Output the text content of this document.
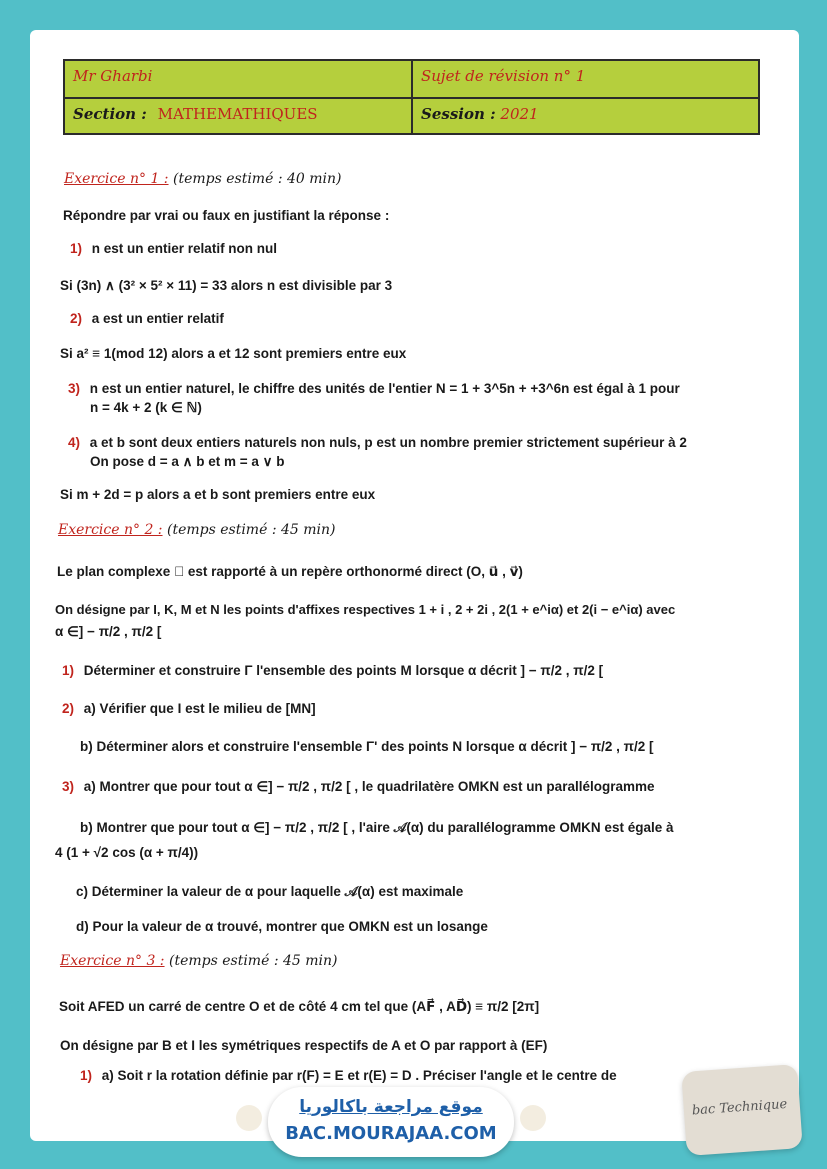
Mr Gharbi	Sujet de révision n° 1
Section : MATHEMATHIQUES	Session : 2021
Exercice n° 1 : (temps estimé : 40 min)
Répondre par vrai ou faux en justifiant la réponse :
1) n est un entier relatif non nul
Si (3n) ∧ (3² × 5² × 11) = 33 alors n est divisible par 3
2) a est un entier relatif
Si a² ≡ 1(mod 12) alors a et 12 sont premiers entre eux
3) n est un entier naturel, le chiffre des unités de l'entier N = 1 + 3^5n + +3^6n est égal à 1 pour
n = 4k + 2 (k ∈ ℕ)
4) a et b sont deux entiers naturels non nuls, p est un nombre premier strictement supérieur à 2
On pose d = a ∧ b et m = a ∨ b
Si m + 2d = p alors a et b sont premiers entre eux
Exercice n° 2 : (temps estimé : 45 min)
Le plan complexe 𝒫 est rapporté à un repère orthonormé direct (O, u⃗ , v⃗)
On désigne par I, K, M et N les points d'affixes respectives 1 + i , 2 + 2i , 2(1 + e^iα) et 2(i − e^iα) avec
α ∈] − π/2 , π/2 [
1) Déterminer et construire Γ l'ensemble des points M lorsque α décrit ] − π/2 , π/2 [
2) a) Vérifier que I est le milieu de [MN]
b) Déterminer alors et construire l'ensemble Γ' des points N lorsque α décrit ] − π/2 , π/2 [
3) a) Montrer que pour tout α ∈] − π/2 , π/2 [ , le quadrilatère OMKN est un parallélogramme
b) Montrer que pour tout α ∈] − π/2 , π/2 [ , l'aire 𝒜(α) du parallélogramme OMKN est égale à
4 (1 + √2 cos (α + π/4))
c) Déterminer la valeur de α pour laquelle 𝒜(α) est maximale
d) Pour la valeur de α trouvé, montrer que OMKN est un losange
Exercice n° 3 : (temps estimé : 45 min)
Soit AFED un carré de centre O et de côté 4 cm tel que (AF⃗ , AD⃗) ≡ π/2 [2π]
On désigne par B et I les symétriques respectifs de A et O par rapport à (EF)
1) a) Soit r la rotation définie par r(F) = E et r(E) = D . Préciser l'angle et le centre de
موقع مراجعة باكالوريا
BAC.MOURAJAA.COM
bac Technique
